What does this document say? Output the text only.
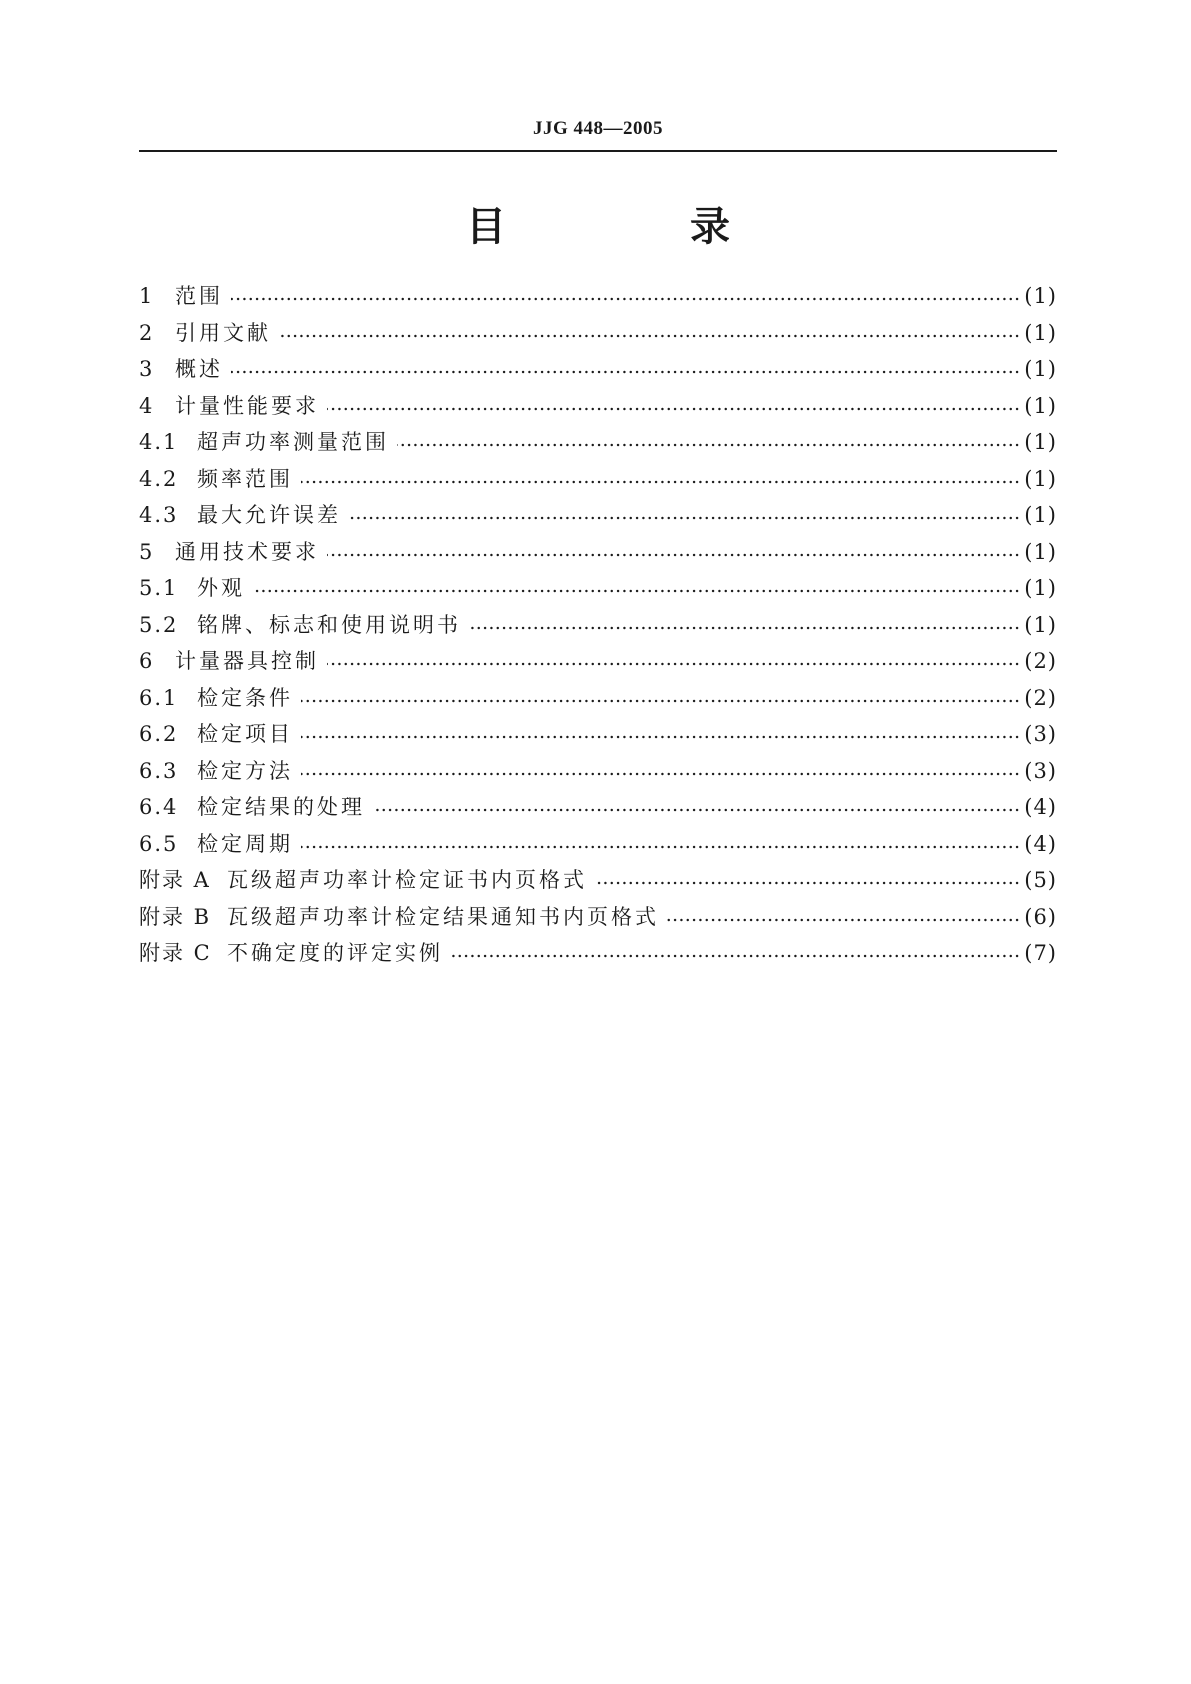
JJG 448—2005
目　录
1 范围 …………………………………………………………………………………………………………………………………………………………………………………………	(1)
2 引用文献 …………………………………………………………………………………………………………………………………………………………………………………………	(1)
3 概述 …………………………………………………………………………………………………………………………………………………………………………………………	(1)
4 计量性能要求 …………………………………………………………………………………………………………………………………………………………………………………………	(1)
4.1 超声功率测量范围 …………………………………………………………………………………………………………………………………………………………………………………………	(1)
4.2 频率范围 …………………………………………………………………………………………………………………………………………………………………………………………	(1)
4.3 最大允许误差 …………………………………………………………………………………………………………………………………………………………………………………………	(1)
5 通用技术要求 …………………………………………………………………………………………………………………………………………………………………………………………	(1)
5.1 外观 …………………………………………………………………………………………………………………………………………………………………………………………	(1)
5.2 铭牌、标志和使用说明书 …………………………………………………………………………………………………………………………………………………………………………………………	(1)
6 计量器具控制 …………………………………………………………………………………………………………………………………………………………………………………………	(2)
6.1 检定条件 …………………………………………………………………………………………………………………………………………………………………………………………	(2)
6.2 检定项目 …………………………………………………………………………………………………………………………………………………………………………………………	(3)
6.3 检定方法 …………………………………………………………………………………………………………………………………………………………………………………………	(3)
6.4 检定结果的处理 …………………………………………………………………………………………………………………………………………………………………………………………	(4)
6.5 检定周期 …………………………………………………………………………………………………………………………………………………………………………………………	(4)
附录 A 瓦级超声功率计检定证书内页格式 …………………………………………………………………………………………………………………………………………………………………………………………	(5)
附录 B 瓦级超声功率计检定结果通知书内页格式 …………………………………………………………………………………………………………………………………………………………………………………………	(6)
附录 C 不确定度的评定实例 …………………………………………………………………………………………………………………………………………………………………………………………	(7)
